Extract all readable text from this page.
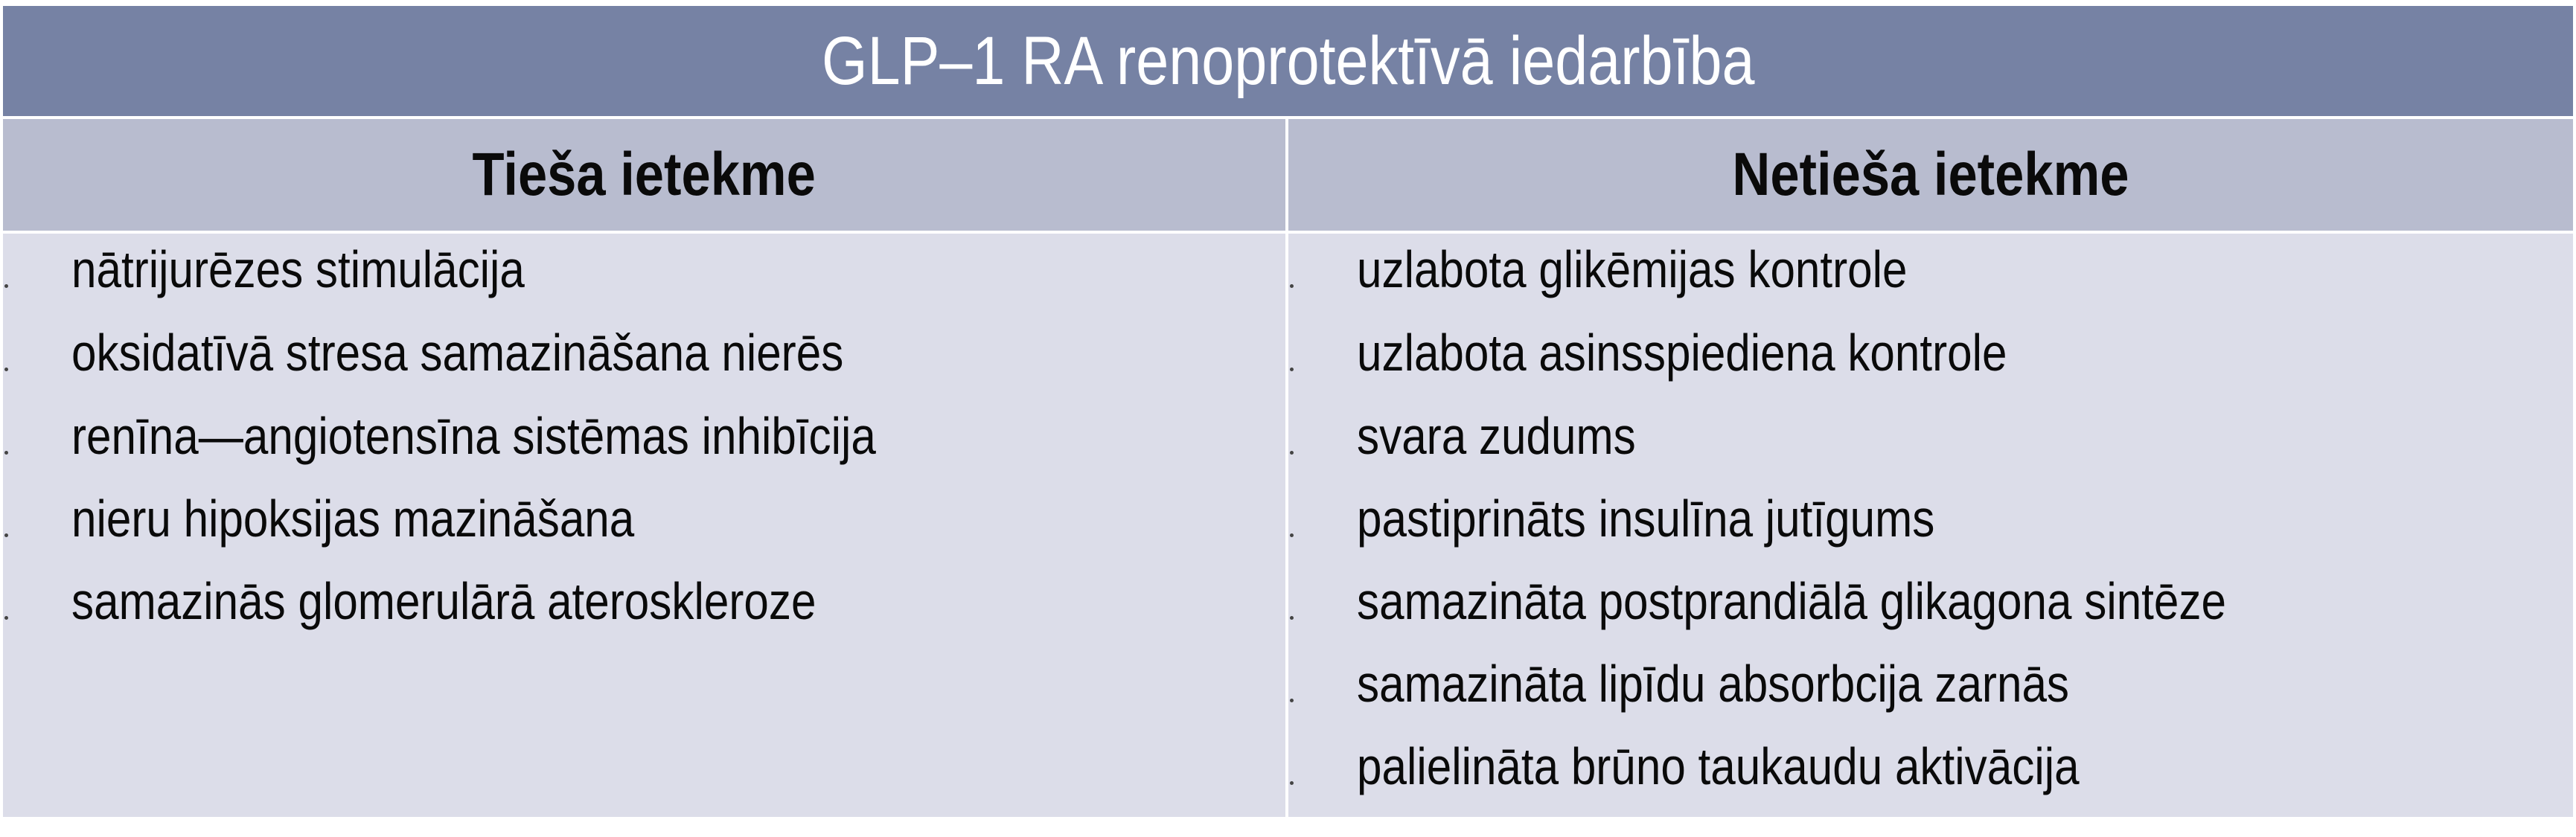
GLP–1 RA renoprotektīvā iedarbība
Tieša ietekme	Netieša ietekme
nātrijurēzes stimulācija
oksidatīvā stresa samazināšana nierēs
renīna—angiotensīna sistēmas inhibīcija
nieru hipoksijas mazināšana
samazinās glomerulārā ateroskleroze
uzlabota glikēmijas kontrole
uzlabota asinsspiediena kontrole
svara zudums
pastiprināts insulīna jutīgums
samazināta postprandiālā glikagona sintēze
samazināta lipīdu absorbcija zarnās
palielināta brūno taukaudu aktivācija
